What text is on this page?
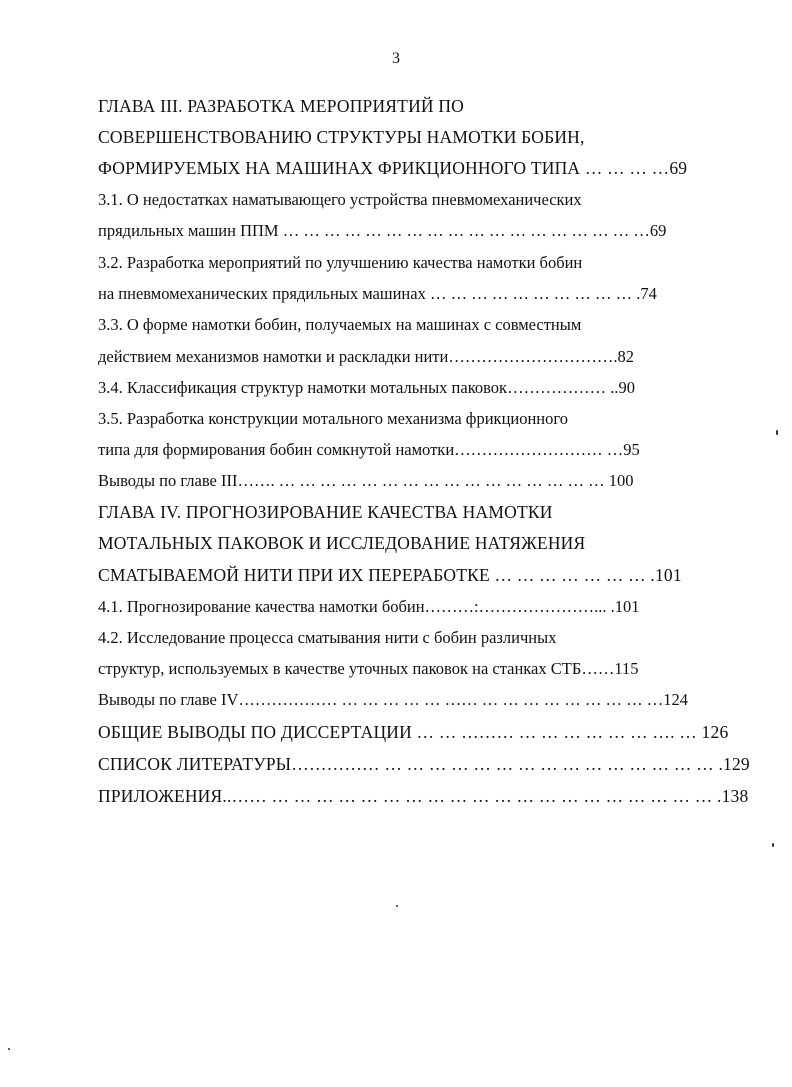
3
ГЛАВА III. РАЗРАБОТКА МЕРОПРИЯТИЙ ПО
СОВЕРШЕНСТВОВАНИЮ СТРУКТУРЫ НАМОТКИ БОБИН,
ФОРМИРУЕМЫХ НА МАШИНАХ ФРИКЦИОННОГО ТИПА … … … …69
3.1. О недостатках наматывающего устройства пневмомеханических
прядильных машин ППМ … … … … … … … … … … … … … … … … … …69
3.2. Разработка мероприятий по улучшению качества намотки бобин
на пневмомеханических прядильных машинах … … … … … … … … … … .74
3.3. О форме намотки бобин, получаемых на машинах с совместным
действием механизмов намотки и раскладки нити………………………….82
3.4. Классификация структур намотки мотальных паковок……………… ..90
3.5. Разработка конструкции мотального механизма фрикционного
типа для формирования бобин сомкнутой намотки……………………… …95
Выводы по главе III……. … … … … … … … … … … … … … … … … 100
ГЛАВА IV. ПРОГНОЗИРОВАНИЕ КАЧЕСТВА НАМОТКИ
МОТАЛЬНЫХ ПАКОВОК И ИССЛЕДОВАНИЕ НАТЯЖЕНИЯ
СМАТЫВАЕМОЙ НИТИ ПРИ ИХ ПЕРЕРАБОТКЕ … … … … … … … .101
4.1. Прогнозирование качества намотки бобин………:…………………... .101
4.2. Исследование процесса сматывания нити с бобин различных
структур, используемых в качестве уточных паковок на станках СТБ……115
Выводы по главе IV……………… … … … … … …… … … … … … … … … …124
ОБЩИЕ ВЫВОДЫ ПО ДИССЕРТАЦИИ … … ……… … … … … … … …. … 126
СПИСОК ЛИТЕРАТУРЫ…………… … … … … … … … … … … … … … … … .129
ПРИЛОЖЕНИЯ..…… … … … … … … … … … … … … … … … … … … … … .138
